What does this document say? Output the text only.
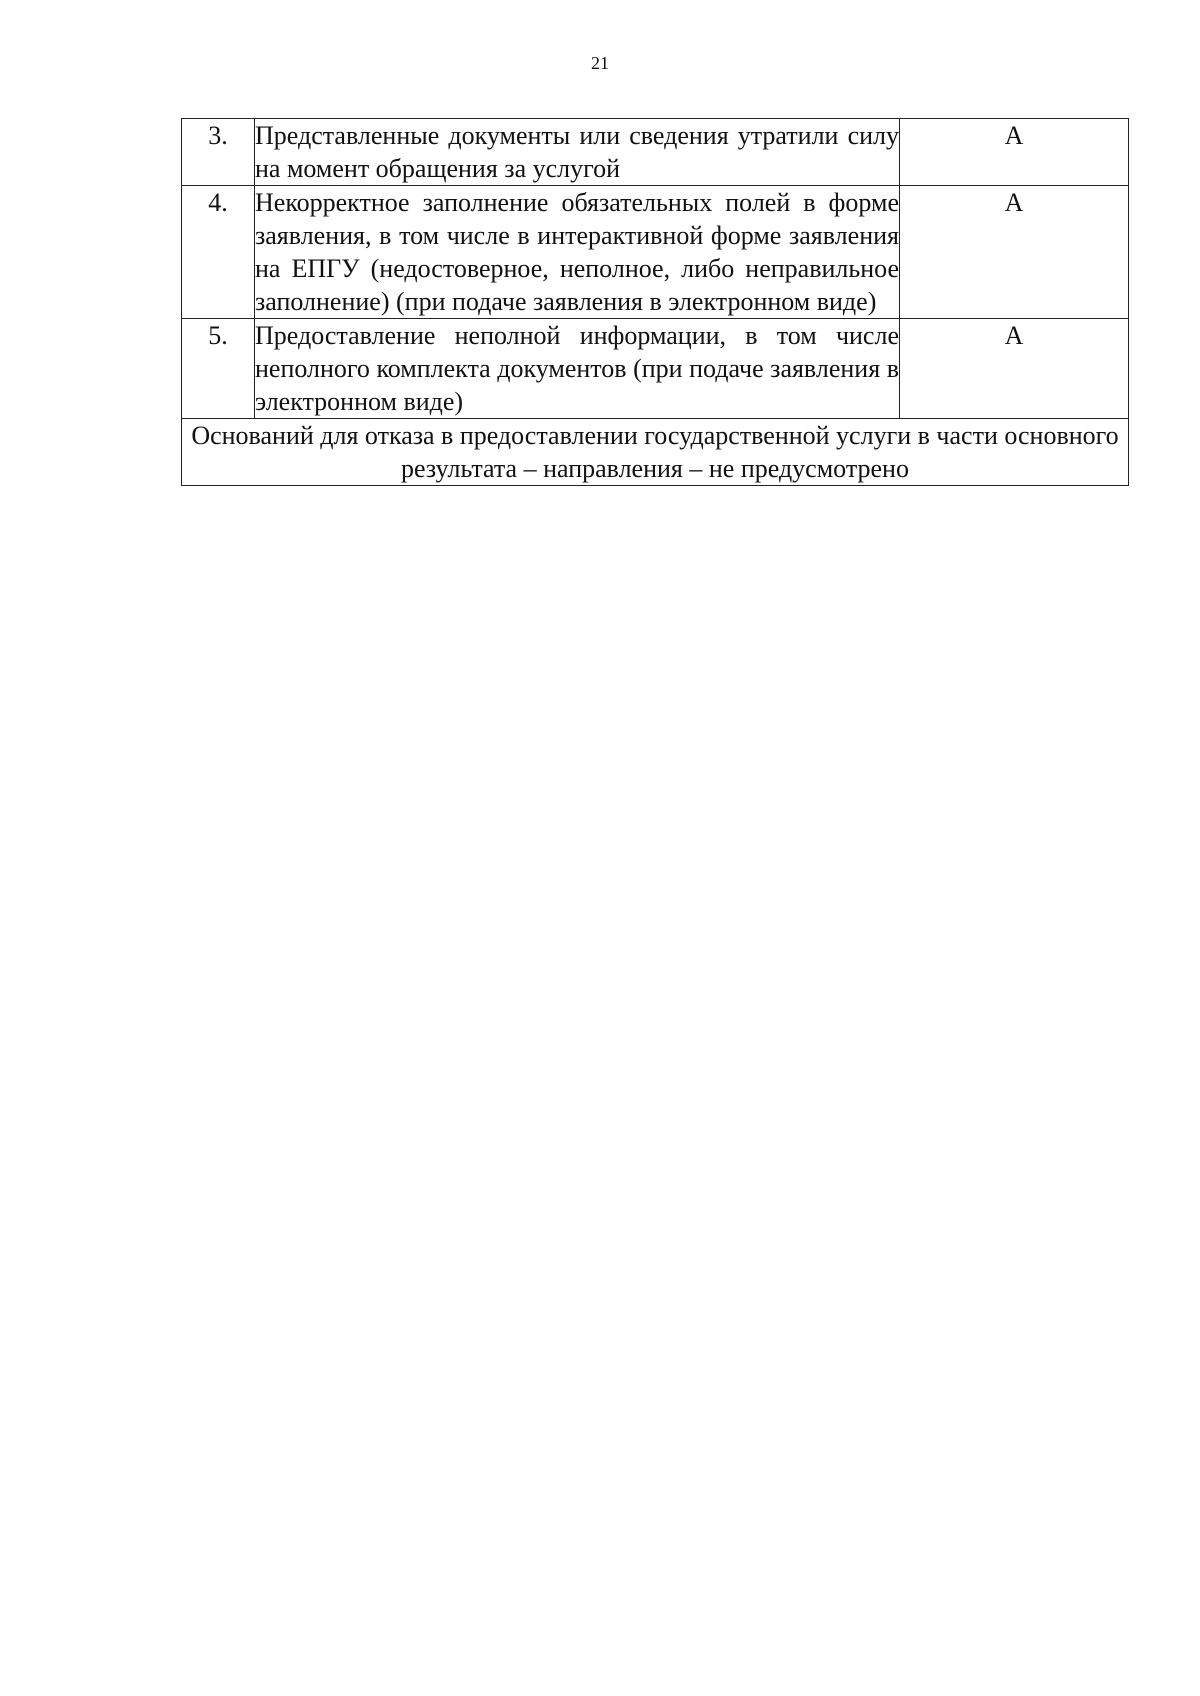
21
3.	Представленные документы или сведения утратили силу на момент обращения за услугой	А
4.	Некорректное заполнение обязательных полей в форме заявления, в том числе в интерактивной форме заявления на ЕПГУ (недостоверное, неполное, либо неправильное заполнение) (при подаче заявления в электронном виде)	А
5.	Предоставление неполной информации, в том числе неполного комплекта документов (при подаче заявления в электронном виде)	А
Оснований для отказа в предоставлении государственной услуги в части основного результата – направления – не предусмотрено		
